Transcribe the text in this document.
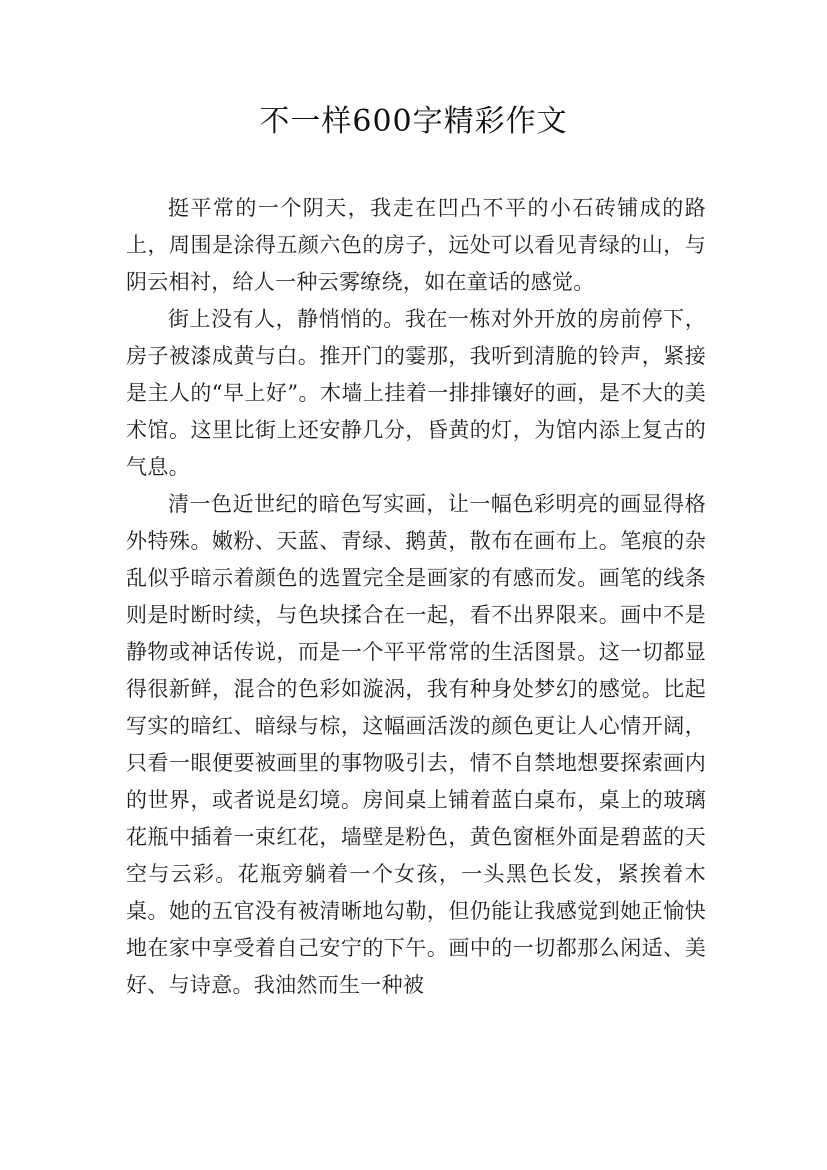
不一样600字精彩作文

挺平常的一个阴天，我走在凹凸不平的小石砖铺成的路上，周围是涂得五颜六色的房子，远处可以看见青绿的山，与阴云相衬，给人一种云雾缭绕，如在童话的感觉。

街上没有人，静悄悄的。我在一栋对外开放的房前停下，房子被漆成黄与白。推开门的霎那，我听到清脆的铃声，紧接是主人的“早上好”。木墙上挂着一排排镶好的画，是不大的美术馆。这里比街上还安静几分，昏黄的灯，为馆内添上复古的气息。

清一色近世纪的暗色写实画，让一幅色彩明亮的画显得格外特殊。嫩粉、天蓝、青绿、鹅黄，散布在画布上。笔痕的杂乱似乎暗示着颜色的选置完全是画家的有感而发。画笔的线条则是时断时续，与色块揉合在一起，看不出界限来。画中不是静物或神话传说，而是一个平平常常的生活图景。这一切都显得很新鲜，混合的色彩如漩涡，我有种身处梦幻的感觉。比起写实的暗红、暗绿与棕，这幅画活泼的颜色更让人心情开阔，只看一眼便要被画里的事物吸引去，情不自禁地想要探索画内的世界，或者说是幻境。房间桌上铺着蓝白桌布，桌上的玻璃花瓶中插着一束红花，墙壁是粉色，黄色窗框外面是碧蓝的天空与云彩。花瓶旁躺着一个女孩，一头黑色长发，紧挨着木桌。她的五官没有被清晰地勾勒，但仍能让我感觉到她正愉快地在家中享受着自己安宁的下午。画中的一切都那么闲适、美好、与诗意。我油然而生一种被
